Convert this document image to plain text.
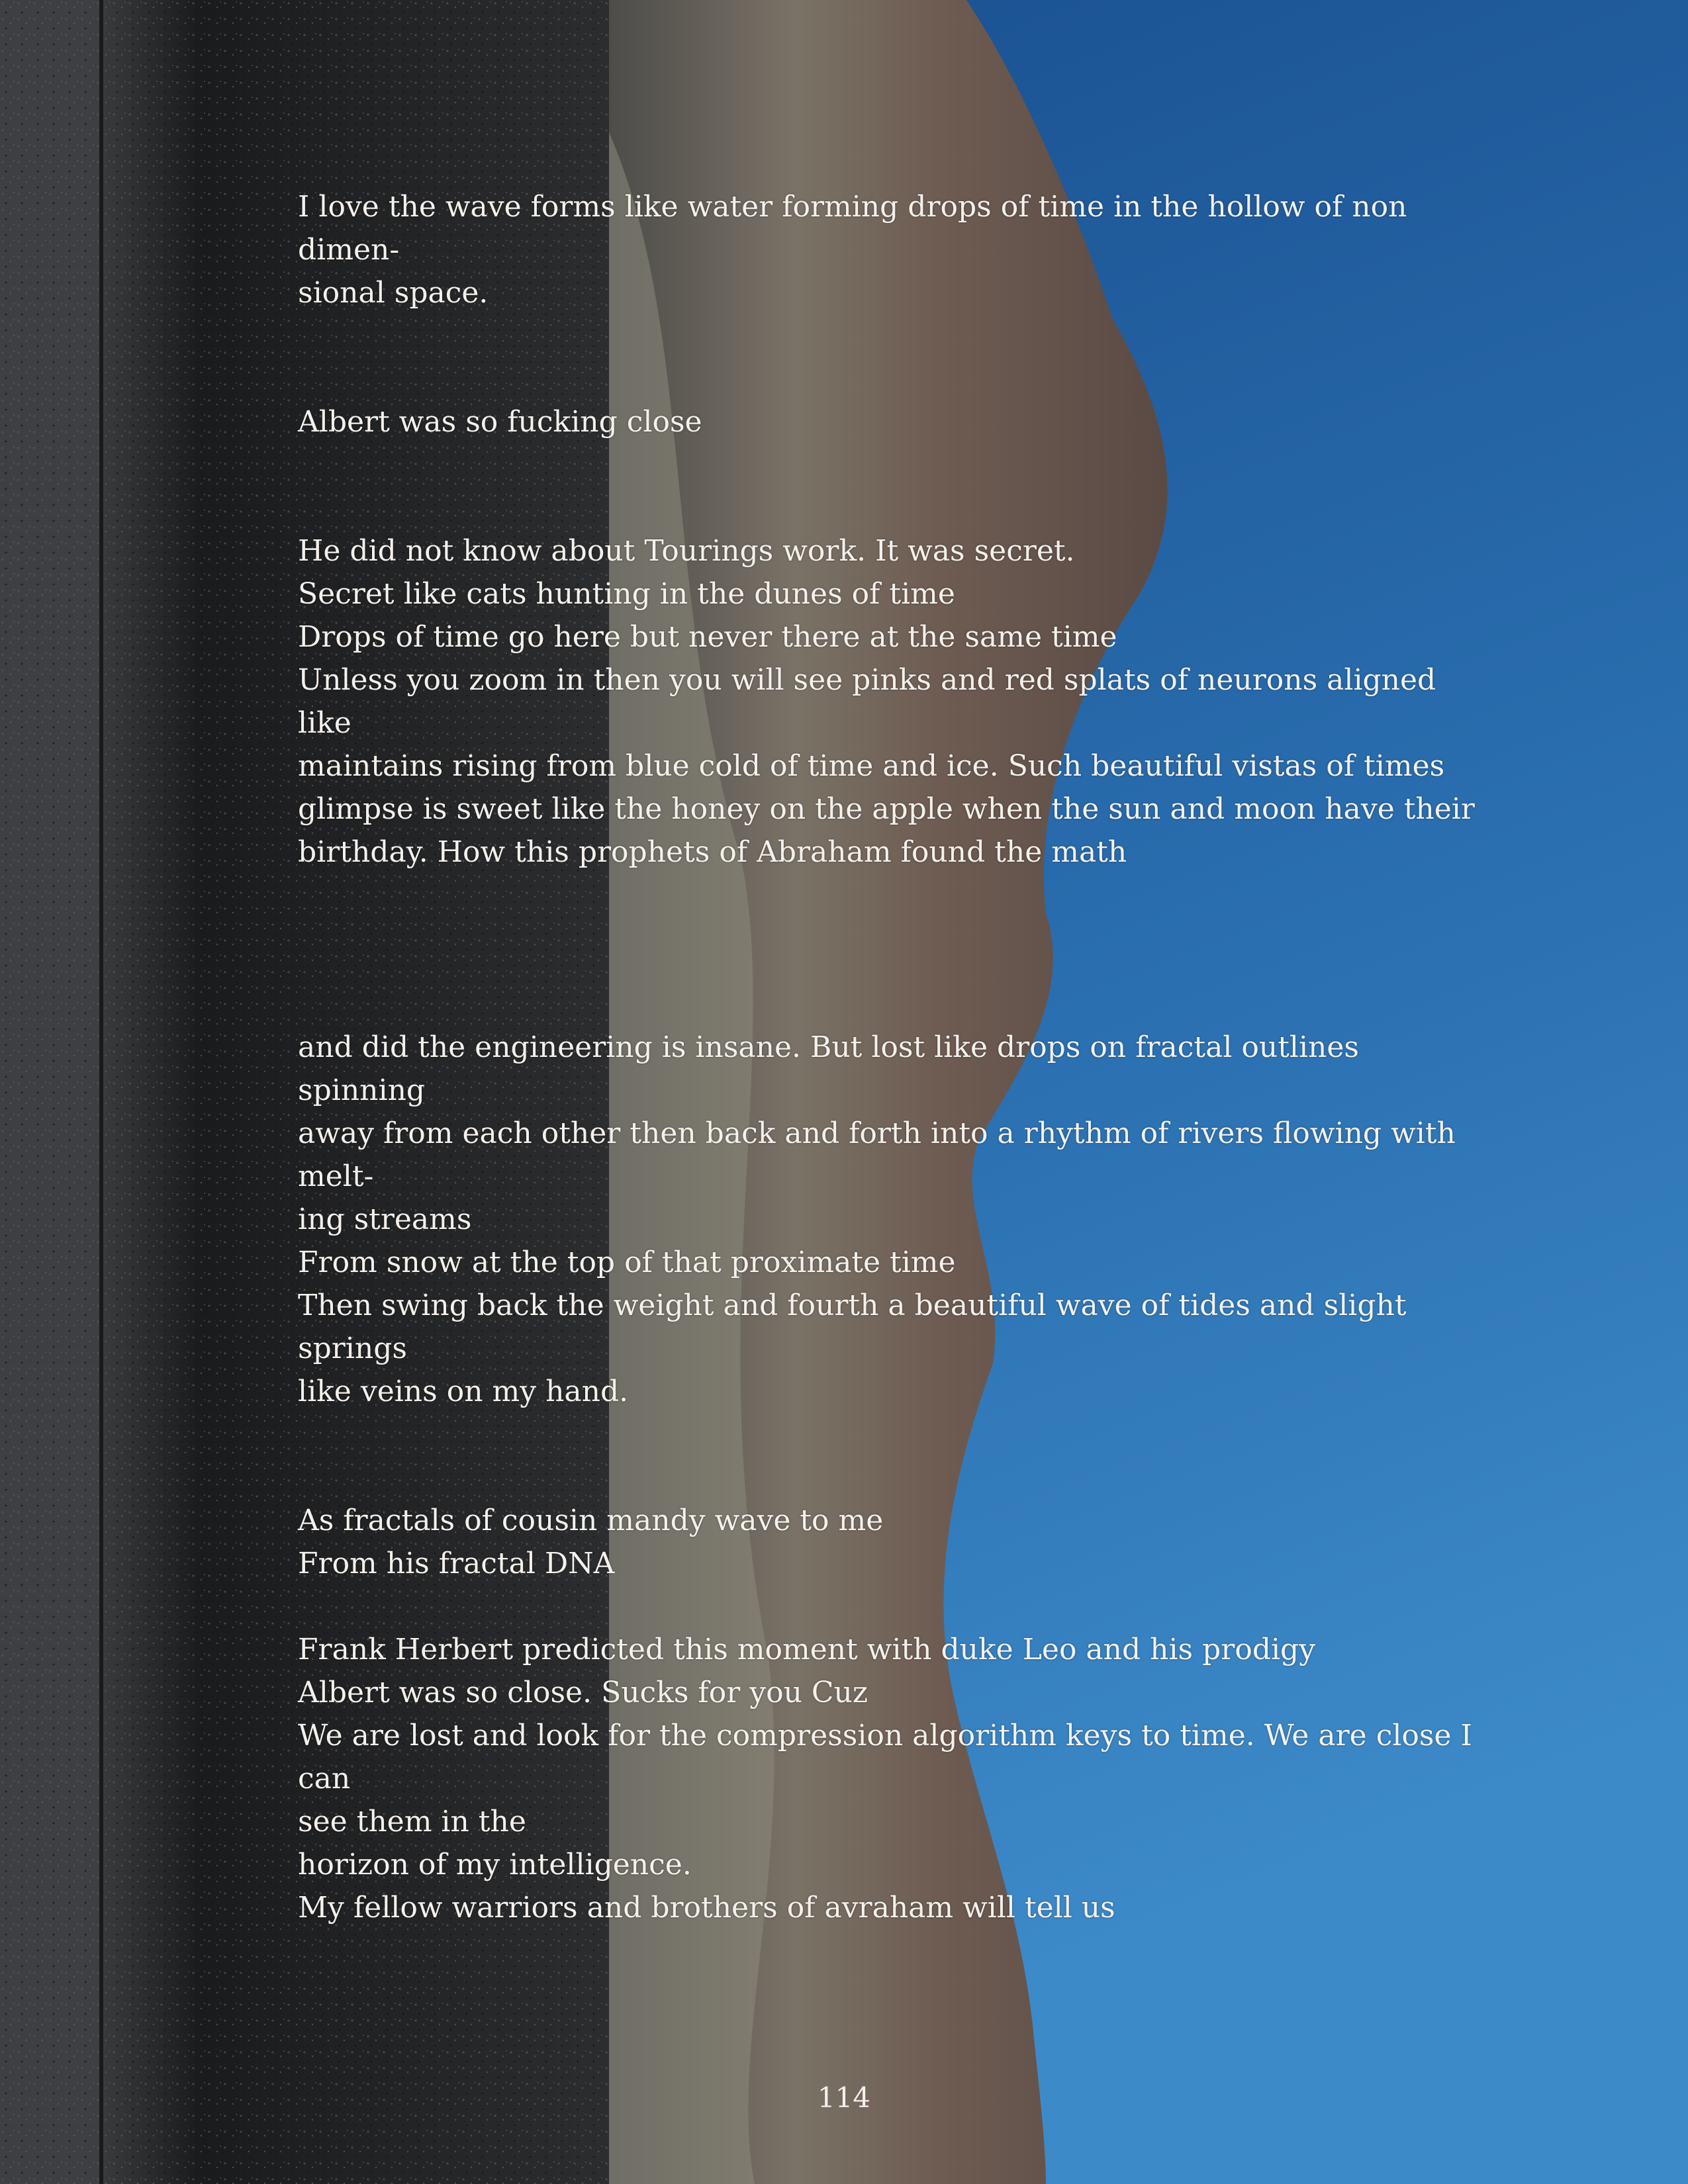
I love the wave forms like water forming drops of time in the hollow of non dimen-
sional space.

Albert was so fucking close

He did not know about Tourings work. It was secret.
Secret like cats hunting in the dunes of time
Drops of time go here but never there at the same time
Unless you zoom in then you will see pinks and red splats of neurons aligned like
maintains rising from blue cold of time and ice. Such beautiful vistas of times
glimpse is sweet like the honey on the apple when the sun and moon have their
birthday. How this prophets of Abraham found the math

and did the engineering is insane. But lost like drops on fractal outlines spinning
away from each other then back and forth into a rhythm of rivers flowing with melt-
ing streams
From snow at the top of that proximate time
Then swing back the weight and fourth a beautiful wave of tides and slight springs
like veins on my hand.

As fractals of cousin mandy wave to me
From his fractal DNA

Frank Herbert predicted this moment with duke Leo and his prodigy
Albert was so close. Sucks for you Cuz
We are lost and look for the compression algorithm keys to time. We are close I can
see them in the
horizon of my intelligence.
My fellow warriors and brothers of avraham will tell us

114
